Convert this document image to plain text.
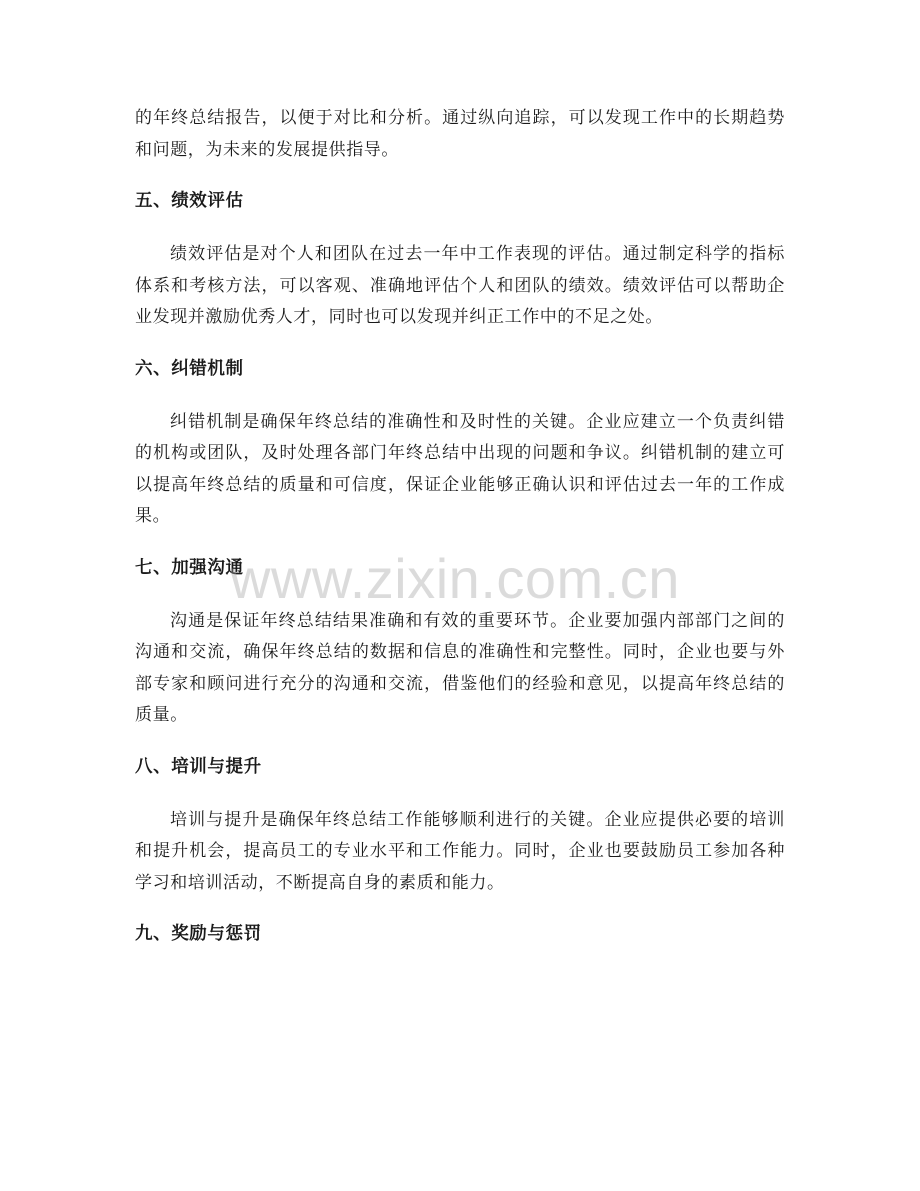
的年终总结报告，以便于对比和分析。通过纵向追踪，可以发现工作中的长期趋势和问题，为未来的发展提供指导。

五、绩效评估

绩效评估是对个人和团队在过去一年中工作表现的评估。通过制定科学的指标体系和考核方法，可以客观、准确地评估个人和团队的绩效。绩效评估可以帮助企业发现并激励优秀人才，同时也可以发现并纠正工作中的不足之处。

六、纠错机制

纠错机制是确保年终总结的准确性和及时性的关键。企业应建立一个负责纠错的机构或团队，及时处理各部门年终总结中出现的问题和争议。纠错机制的建立可以提高年终总结的质量和可信度，保证企业能够正确认识和评估过去一年的工作成果。

七、加强沟通

沟通是保证年终总结结果准确和有效的重要环节。企业要加强内部部门之间的沟通和交流，确保年终总结的数据和信息的准确性和完整性。同时，企业也要与外部专家和顾问进行充分的沟通和交流，借鉴他们的经验和意见，以提高年终总结的质量。

八、培训与提升

培训与提升是确保年终总结工作能够顺利进行的关键。企业应提供必要的培训和提升机会，提高员工的专业水平和工作能力。同时，企业也要鼓励员工参加各种学习和培训活动，不断提高自身的素质和能力。

九、奖励与惩罚
www.zixin.com.cn
